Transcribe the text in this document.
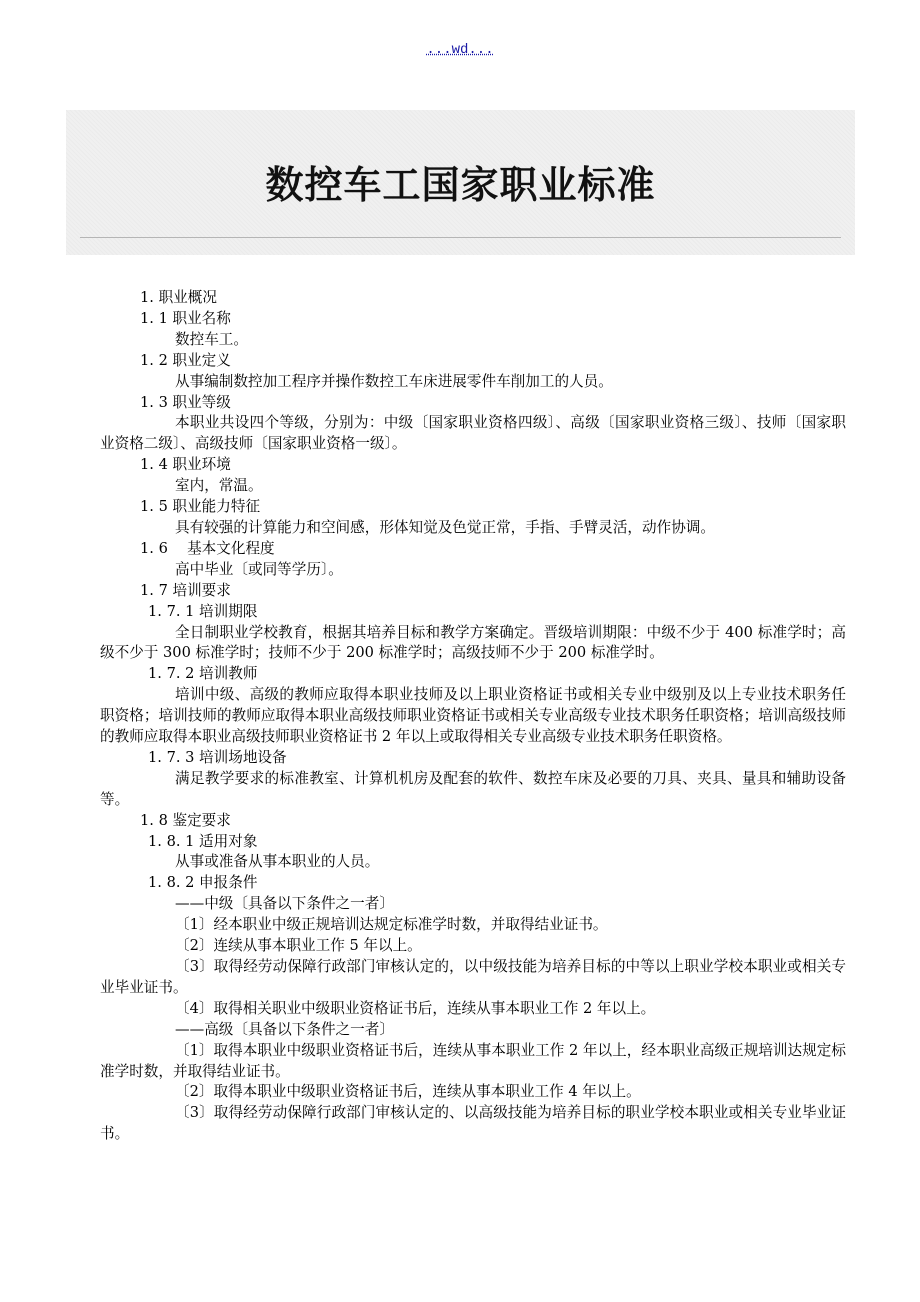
...wd...
数控车工国家职业标准
1. 职业概况
1. 1 职业名称
数控车工。
1. 2 职业定义
从事编制数控加工程序并操作数控工车床进展零件车削加工的人员。
1. 3 职业等级
本职业共设四个等级，分别为：中级〔国家职业资格四级〕、高级〔国家职业资格三级〕、技师〔国家职业资格二级〕、高级技师〔国家职业资格一级〕。
1. 4 职业环境
室内，常温。
1. 5 职业能力特征
具有较强的计算能力和空间感，形体知觉及色觉正常，手指、手臂灵活，动作协调。
1. 6　 基本文化程度
高中毕业〔或同等学历〕。
1. 7 培训要求
1. 7. 1 培训期限
全日制职业学校教育，根据其培养目标和教学方案确定。晋级培训期限：中级不少于 400 标准学时；高级不少于 300 标准学时；技师不少于 200 标准学时；高级技师不少于 200 标准学时。
1. 7. 2 培训教师
培训中级、高级的教师应取得本职业技师及以上职业资格证书或相关专业中级别及以上专业技术职务任职资格；培训技师的教师应取得本职业高级技师职业资格证书或相关专业高级专业技术职务任职资格；培训高级技师的教师应取得本职业高级技师职业资格证书 2 年以上或取得相关专业高级专业技术职务任职资格。
1. 7. 3 培训场地设备
满足教学要求的标准教室、计算机机房及配套的软件、数控车床及必要的刀具、夹具、量具和辅助设备等。
1. 8 鉴定要求
1. 8. 1 适用对象
从事或准备从事本职业的人员。
1. 8. 2 申报条件
——中级〔具备以下条件之一者〕
〔1〕经本职业中级正规培训达规定标准学时数，并取得结业证书。
〔2〕连续从事本职业工作 5 年以上。
〔3〕取得经劳动保障行政部门审核认定的，以中级技能为培养目标的中等以上职业学校本职业或相关专业毕业证书。
〔4〕取得相关职业中级职业资格证书后，连续从事本职业工作 2 年以上。
——高级〔具备以下条件之一者〕
〔1〕取得本职业中级职业资格证书后，连续从事本职业工作 2 年以上，经本职业高级正规培训达规定标准学时数，并取得结业证书。
〔2〕取得本职业中级职业资格证书后，连续从事本职业工作 4 年以上。
〔3〕取得经劳动保障行政部门审核认定的、以高级技能为培养目标的职业学校本职业或相关专业毕业证书。
